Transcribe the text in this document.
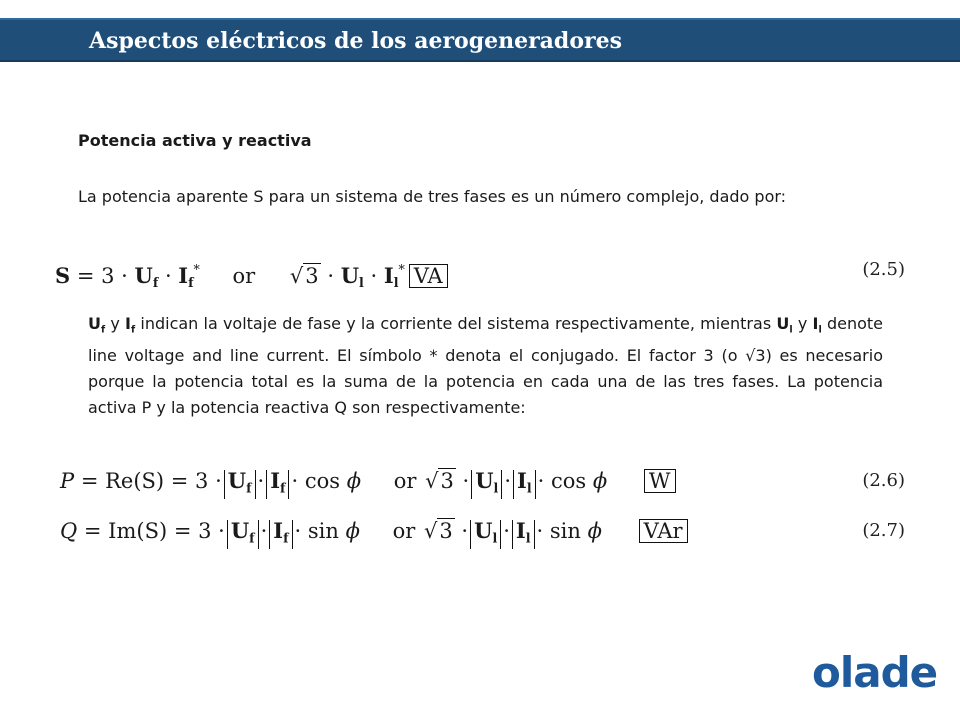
Aspectos eléctricos de los aerogeneradores
Potencia activa y reactiva
La potencia aparente S para un sistema de tres fases es un número complejo, dado por:
$S = 3 \cdot U_f \cdot I_f^*$ or $√3 \cdot U_l \cdot I_l^*$ VA	(2.5)
$U_f$ y $I_f$ indican la voltaje de fase y la corriente del sistema respectivamente, mientras $U_l$ y $I_l$ denote line voltage and line current. El símbolo * denota el conjugado. El factor 3 (o √3) es necesario porque la potencia total es la suma de la potencia en cada una de las tres fases. La potencia activa P y la potencia reactiva Q son respectivamente:
$P = Re(S) = 3 \cdot U_f \cdot I_f \cdot \cos \phi$ or $√3 \cdot U_l \cdot I_l \cdot \cos \phi$ W	(2.6)
$Q = Im(S) = 3 \cdot U_f \cdot I_f \cdot \sin \phi$ or $√3 \cdot U_l \cdot I_l \cdot \sin \phi$ VAr	(2.7)
olade
